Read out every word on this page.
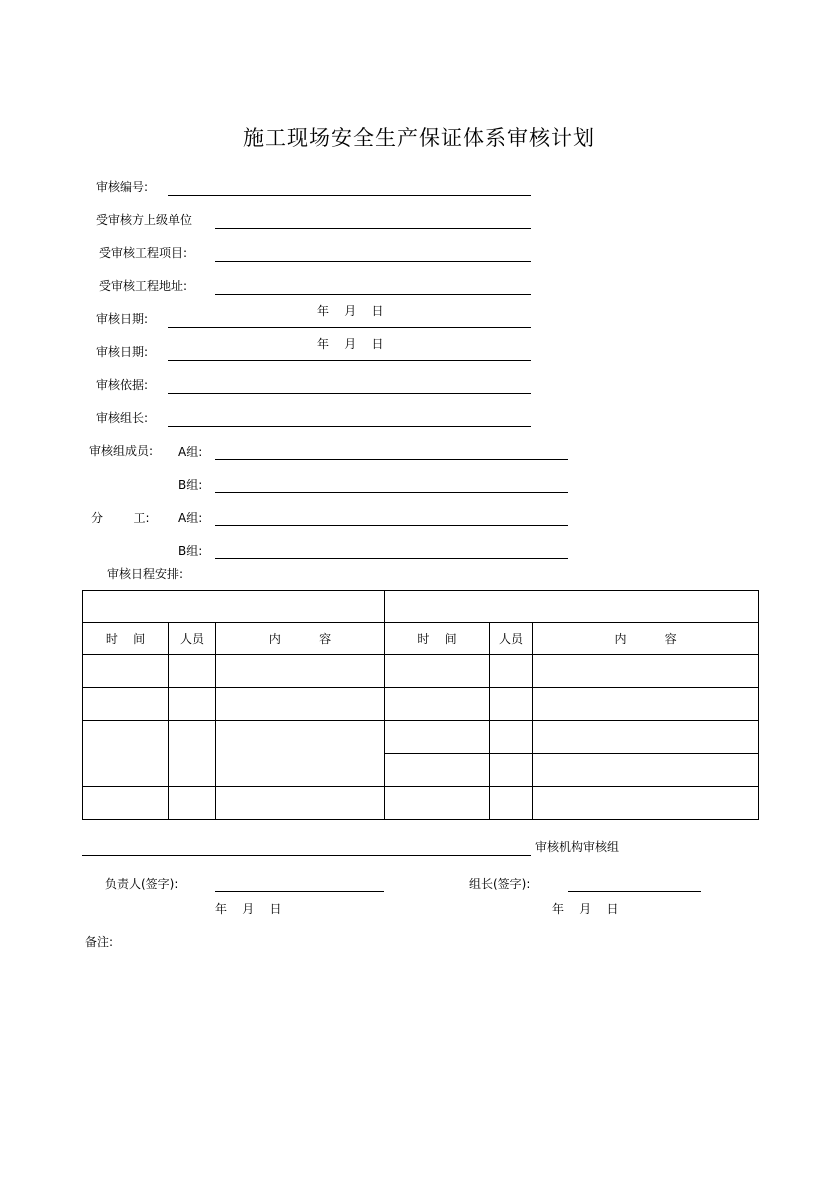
施工现场安全生产保证体系审核计划
审核编号:
受审核方上级单位
受审核工程项目:
受审核工程地址:
审核日期:
年    月    日
审核日期:
年    月    日
审核依据:
审核组长:
审核组成员: A组:
B组:
分        工: A组:
B组:
审核日程安排:

时    间	人员	内          容	时    间	人员	内          容

审核机构审核组
负责人(签字):
年    月    日
组长(签字):
年    月    日
备注:
